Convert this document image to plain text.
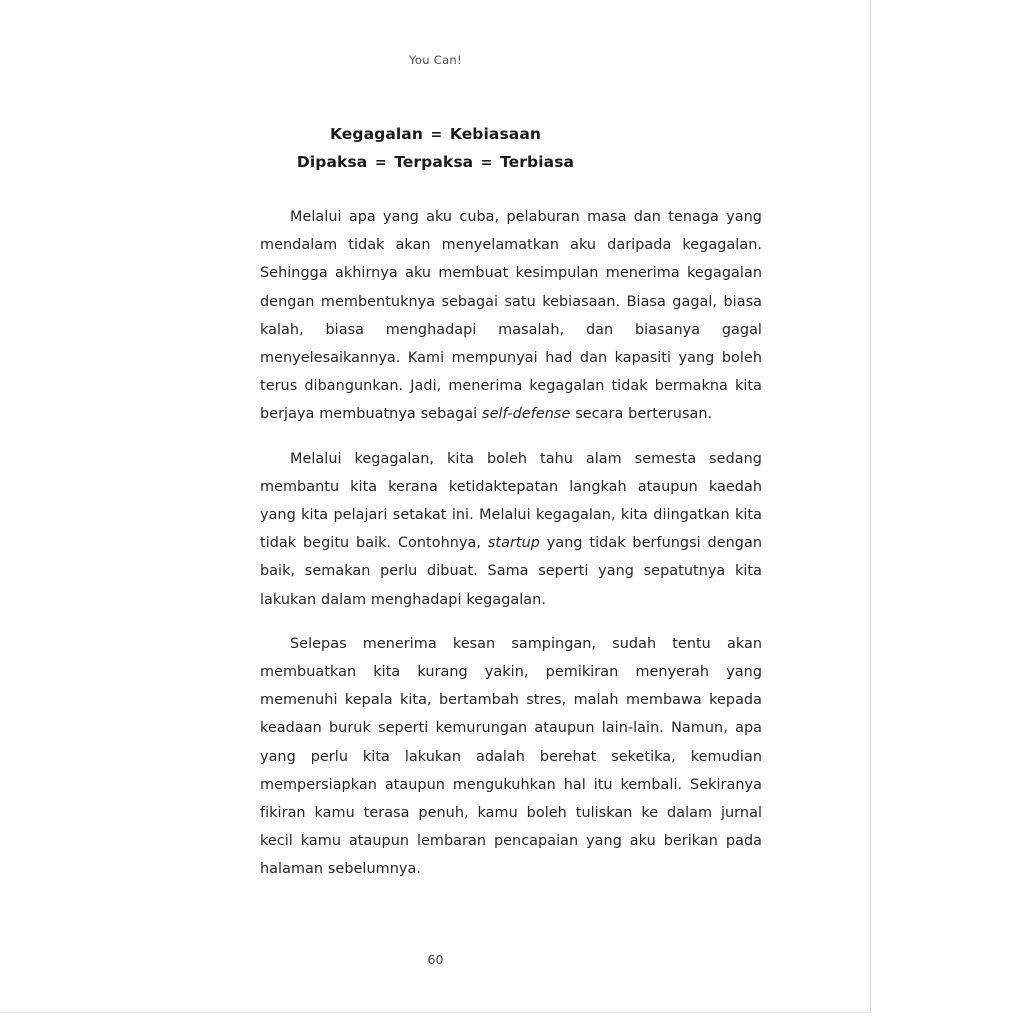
You Can!
Kegagalan = Kebiasaan
Dipaksa = Terpaksa = Terbiasa

Melalui apa yang aku cuba, pelaburan masa dan tenaga yang mendalam tidak akan menyelamatkan aku daripada kegagalan. Sehingga akhirnya aku membuat kesimpulan menerima kegagalan dengan membentuknya sebagai satu kebiasaan. Biasa gagal, biasa kalah, biasa menghadapi masalah, dan biasanya gagal menyelesaikannya. Kami mempunyai had dan kapasiti yang boleh terus dibangunkan. Jadi, menerima kegagalan tidak bermakna kita berjaya membuatnya sebagai self-defense secara berterusan.

Melalui kegagalan, kita boleh tahu alam semesta sedang membantu kita kerana ketidaktepatan langkah ataupun kaedah yang kita pelajari setakat ini. Melalui kegagalan, kita diingatkan kita tidak begitu baik. Contohnya, startup yang tidak berfungsi dengan baik, semakan perlu dibuat. Sama seperti yang sepatutnya kita lakukan dalam menghadapi kegagalan.

Selepas menerima kesan sampingan, sudah tentu akan membuatkan kita kurang yakin, pemikiran menyerah yang memenuhi kepala kita, bertambah stres, malah membawa kepada keadaan buruk seperti kemurungan ataupun lain-lain. Namun, apa yang perlu kita lakukan adalah berehat seketika, kemudian mempersiapkan ataupun mengukuhkan hal itu kembali. Sekiranya fikiran kamu terasa penuh, kamu boleh tuliskan ke dalam jurnal kecil kamu ataupun lembaran pencapaian yang aku berikan pada halaman sebelumnya.

60
